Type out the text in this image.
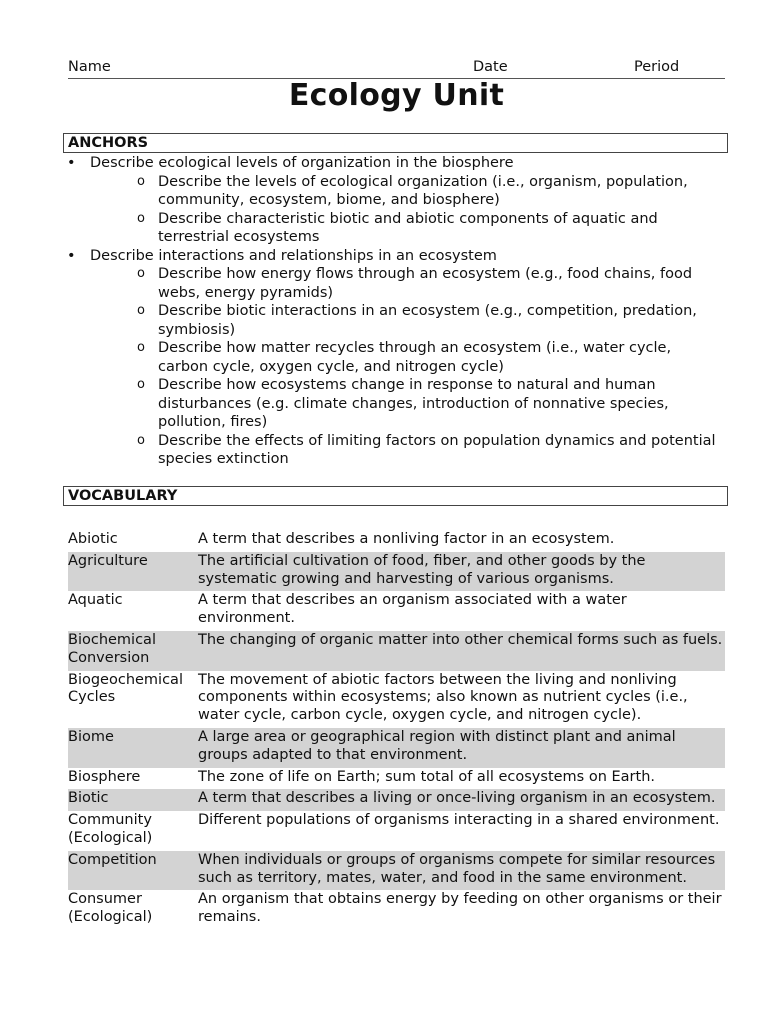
Name	Date	Period
Ecology Unit
ANCHORS
• Describe ecological levels of organization in the biosphere
o Describe the levels of ecological organization (i.e., organism, population, community, ecosystem, biome, and biosphere)
o Describe characteristic biotic and abiotic components of aquatic and terrestrial ecosystems
• Describe interactions and relationships in an ecosystem
o Describe how energy flows through an ecosystem (e.g., food chains, food webs, energy pyramids)
o Describe biotic interactions in an ecosystem (e.g., competition, predation, symbiosis)
o Describe how matter recycles through an ecosystem (i.e., water cycle, carbon cycle, oxygen cycle, and nitrogen cycle)
o Describe how ecosystems change in response to natural and human disturbances (e.g. climate changes, introduction of nonnative species, pollution, fires)
o Describe the effects of limiting factors on population dynamics and potential species extinction
VOCABULARY
Abiotic	A term that describes a nonliving factor in an ecosystem.
Agriculture	The artificial cultivation of food, fiber, and other goods by the systematic growing and harvesting of various organisms.
Aquatic	A term that describes an organism associated with a water environment.
Biochemical Conversion	The changing of organic matter into other chemical forms such as fuels.
Biogeochemical Cycles	The movement of abiotic factors between the living and nonliving components within ecosystems; also known as nutrient cycles (i.e., water cycle, carbon cycle, oxygen cycle, and nitrogen cycle).
Biome	A large area or geographical region with distinct plant and animal groups adapted to that environment.
Biosphere	The zone of life on Earth; sum total of all ecosystems on Earth.
Biotic	A term that describes a living or once-living organism in an ecosystem.
Community (Ecological)	Different populations of organisms interacting in a shared environment.
Competition	When individuals or groups of organisms compete for similar resources such as territory, mates, water, and food in the same environment.
Consumer (Ecological)	An organism that obtains energy by feeding on other organisms or their remains.
